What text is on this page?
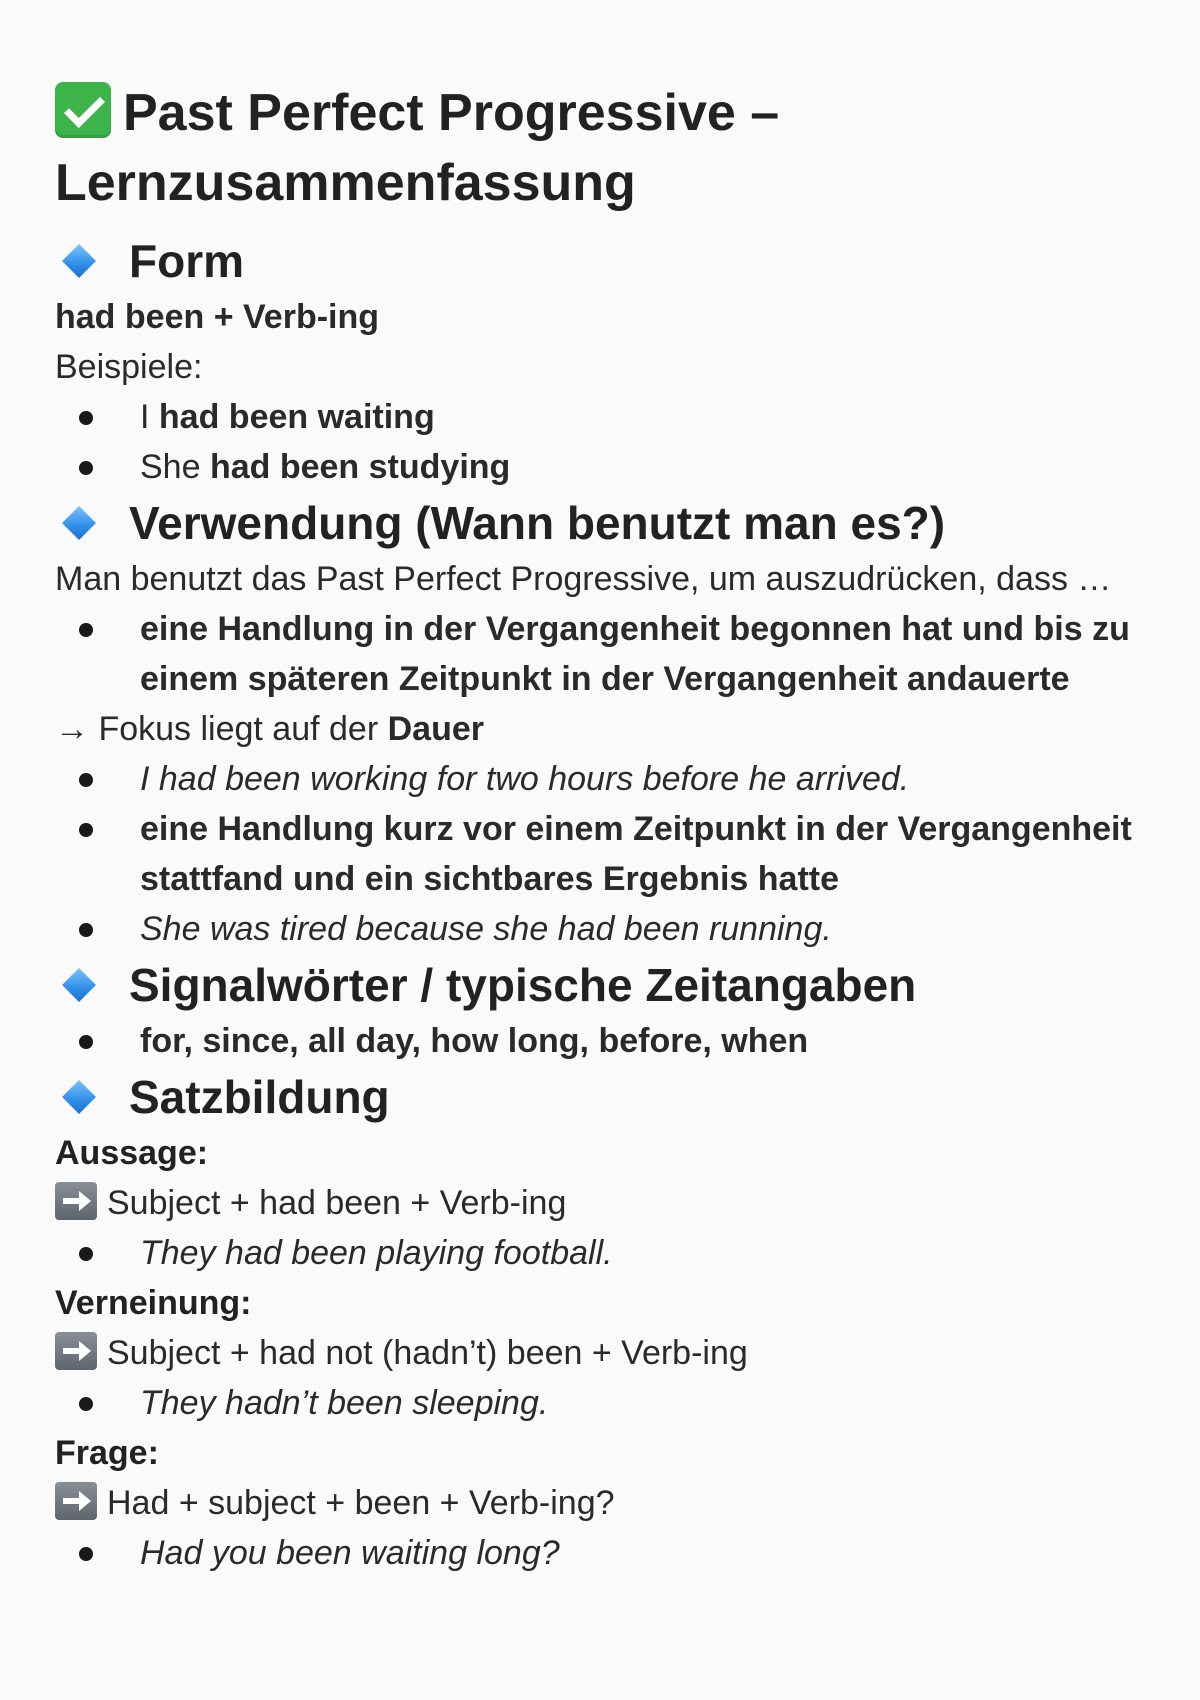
Past Perfect Progressive – Lernzusammenfassung
Form

had been + Verb-ing

Beispiele:

I had been waiting
She had been studying
Verwendung (Wann benutzt man es?)

Man benutzt das Past Perfect Progressive, um auszudrücken, dass …

eine Handlung in der Vergangenheit begonnen hat und bis zu einem späteren Zeitpunkt in der Vergangenheit andauerte

→ Fokus liegt auf der Dauer

I had been working for two hours before he arrived.
eine Handlung kurz vor einem Zeitpunkt in der Vergangenheit stattfand und ein sichtbares Ergebnis hatte
She was tired because she had been running.
Signalwörter / typische Zeitangaben
for, since, all day, how long, before, when
Satzbildung

Aussage:

Subject + had been + Verb-ing

They had been playing football.

Verneinung:

Subject + had not (hadn’t) been + Verb-ing

They hadn’t been sleeping.

Frage:

Had + subject + been + Verb-ing?

Had you been waiting long?
